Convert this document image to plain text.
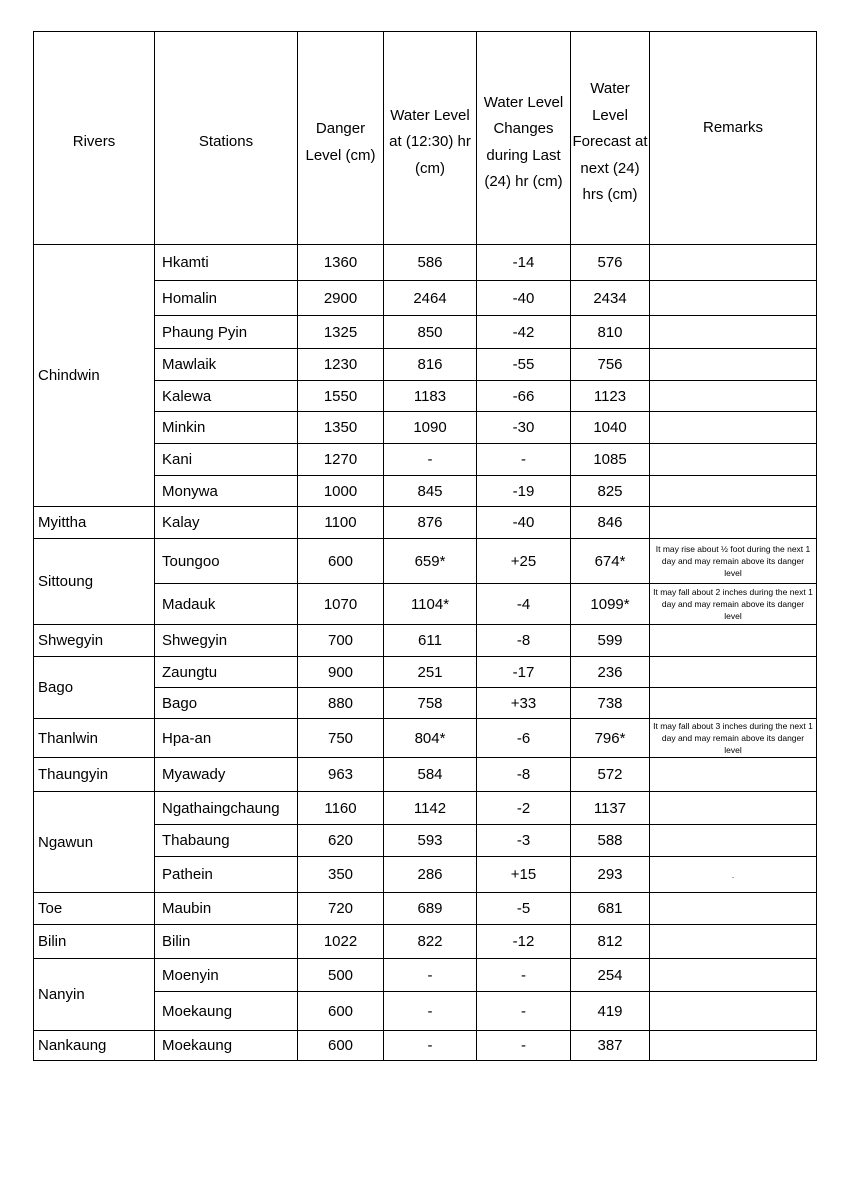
Rivers	Stations	Danger Level (cm)	Water Level at (12:30) hr (cm)	Water Level Changes during Last (24) hr (cm)	Water Level Forecast at next (24) hrs (cm)	Remarks
Chindwin	Hkamti	1360	586	-14	576	
	Homalin	2900	2464	-40	2434	
	Phaung Pyin	1325	850	-42	810	
	Mawlaik	1230	816	-55	756	
	Kalewa	1550	1183	-66	1123	
	Minkin	1350	1090	-30	1040	
	Kani	1270	-	-	1085	
	Monywa	1000	845	-19	825	
Myittha	Kalay	1100	876	-40	846	
Sittoung	Toungoo	600	659*	+25	674*	It may rise about ½ foot during the next 1 day and may remain above its danger level
	Madauk	1070	1104*	-4	1099*	It may fall about 2 inches during the next 1 day and may remain above its danger level
Shwegyin	Shwegyin	700	611	-8	599	
Bago	Zaungtu	900	251	-17	236	
	Bago	880	758	+33	738	
Thanlwin	Hpa-an	750	804*	-6	796*	It may fall about 3 inches during the next 1 day and may remain above its danger level
Thaungyin	Myawady	963	584	-8	572	
Ngawun	Ngathaingchaung	1160	1142	-2	1137	
	Thabaung	620	593	-3	588	
	Pathein	350	286	+15	293	.
Toe	Maubin	720	689	-5	681	
Bilin	Bilin	1022	822	-12	812	
Nanyin	Moenyin	500	-	-	254	
	Moekaung	600	-	-	419	
Nankaung	Moekaung	600	-	-	387	
